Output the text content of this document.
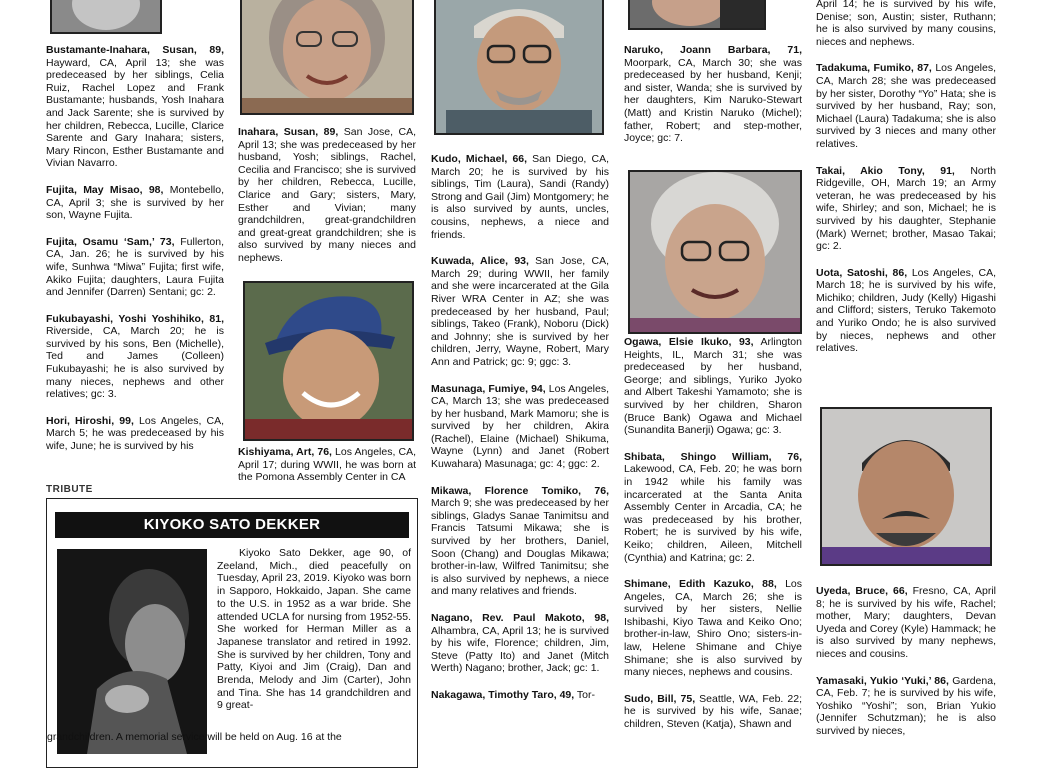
Bustamante-Inahara, Susan, 89, Hayward, CA, April 13; she was predeceased by her siblings, Celia Ruiz, Rachel Lopez and Frank Bustamante; husbands, Yosh Inahara and Jack Sarente; she is survived by her children, Rebecca, Lucille, Clarice Sarente and Gary Inahara; sisters, Mary Rincon, Esther Bustamante and Vivian Navarro.

Fujita, May Misao, 98, Montebello, CA, April 3; she is survived by her son, Wayne Fujita.

Fujita, Osamu ‘Sam,’ 73, Fullerton, CA, Jan. 26; he is survived by his wife, Sunhwa “Miwa” Fujita; first wife, Akiko Fujita; daughters, Laura Fujita and Jennifer (Darren) Sentani; gc: 2.

Fukubayashi, Yoshi Yoshihiko, 81, Riverside, CA, March 20; he is survived by his sons, Ben (Michelle), Ted and James (Colleen) Fukubayashi; he is also survived by many nieces, nephews and other relatives; gc: 3.

Hori, Hiroshi, 99, Los Angeles, CA, March 5; he was predeceased by his wife, June; he is survived by his

Inahara, Susan, 89, San Jose, CA, April 13; she was predeceased by her husband, Yosh; siblings, Rachel, Cecilia and Francisco; she is survived by her children, Rebecca, Lucille, Clarice and Gary; sisters, Mary, Esther and Vivian; many grandchildren, great-grandchildren and great-great grandchildren; she is also survived by many nieces and nephews.

Kishiyama, Art, 76, Los Angeles, CA, April 17; during WWII, he was born at the Pomona Assembly Center in CA

Kudo, Michael, 66, San Diego, CA, March 20; he is survived by his siblings, Tim (Laura), Sandi (Randy) Strong and Gail (Jim) Montgomery; he is also survived by aunts, uncles, cousins, nephews, a niece and friends.

Kuwada, Alice, 93, San Jose, CA, March 29; during WWII, her family and she were incarcerated at the Gila River WRA Center in AZ; she was predeceased by her husband, Paul; siblings, Takeo (Frank), Noboru (Dick) and Johnny; she is survived by her children, Jerry, Wayne, Robert, Mary Ann and Patrick; gc: 9; ggc: 3.

Masunaga, Fumiye, 94, Los Angeles, CA, March 13; she was predeceased by her husband, Mark Mamoru; she is survived by her children, Akira (Rachel), Elaine (Michael) Shikuma, Wayne (Lynn) and Janet (Robert Kuwahara) Masunaga; gc: 4; ggc: 2.

Mikawa, Florence Tomiko, 76, March 9; she was predeceased by her siblings, Gladys Sanae Tanimitsu and Francis Tatsumi Mikawa; she is survived by her brothers, Daniel, Soon (Chang) and Douglas Mikawa; brother-in-law, Wilfred Tanimitsu; she is also survived by nephews, a niece and many relatives and friends.

Nagano, Rev. Paul Makoto, 98, Alhambra, CA, April 13; he is survived by his wife, Florence; children, Jim, Steve (Patty Ito) and Janet (Mitch Werth) Nagano; brother, Jack; gc: 1.

Nakagawa, Timothy Taro, 49, Tor-

Naruko, Joann Barbara, 71, Moorpark, CA, March 30; she was predeceased by her husband, Kenji; and sister, Wanda; she is survived by her daughters, Kim Naruko-Stewart (Matt) and Kristin Naruko (Michel); father, Robert; and step-mother, Joyce; gc: 7.

Ogawa, Elsie Ikuko, 93, Arlington Heights, IL, March 31; she was predeceased by her husband, George; and siblings, Yuriko Jyoko and Albert Takeshi Yamamoto; she is survived by her children, Sharon (Bruce Bank) Ogawa and Michael (Sunandita Banerji) Ogawa; gc: 3.

Shibata, Shingo William, 76, Lakewood, CA, Feb. 20; he was born in 1942 while his family was incarcerated at the Santa Anita Assembly Center in Arcadia, CA; he was predeceased by his brother, Robert; he is survived by his wife, Keiko; children, Aileen, Mitchell (Cynthia) and Katrina; gc: 2.

Shimane, Edith Kazuko, 88, Los Angeles, CA, March 26; she is survived by her sisters, Nellie Ishibashi, Kiyo Tawa and Keiko Ono; brother-in-law, Shiro Ono; sisters-in-law, Helene Shimane and Chiye Shimane; she is also survived by many nieces, nephews and cousins.

Sudo, Bill, 75, Seattle, WA, Feb. 22; he is survived by his wife, Sanae; children, Steven (Katja), Shawn and

April 14; he is survived by his wife, Denise; son, Austin; sister, Ruthann; he is also survived by many cousins, nieces and nephews.

Tadakuma, Fumiko, 87, Los Angeles, CA, March 28; she was predeceased by her sister, Dorothy “Yo” Hata; she is survived by her husband, Ray; son, Michael (Laura) Tadakuma; she is also survived by 3 nieces and many other relatives.

Takai, Akio Tony, 91, North Ridgeville, OH, March 19; an Army veteran, he was predeceased by his wife, Shirley; and son, Michael; he is survived by his daughter, Stephanie (Mark) Wernet; brother, Masao Takai; gc: 2.

Uota, Satoshi, 86, Los Angeles, CA, March 18; he is survived by his wife, Michiko; children, Judy (Kelly) Higashi and Clifford; sisters, Teruko Takemoto and Yuriko Ondo; he is also survived by nieces, nephews and other relatives.

Uyeda, Bruce, 66, Fresno, CA, April 8; he is survived by his wife, Rachel; mother, Mary; daughters, Devan Uyeda and Corey (Kyle) Hammack; he is also survived by many nephews, nieces and cousins.

Yamasaki, Yukio ‘Yuki,’ 86, Gardena, CA, Feb. 7; he is survived by his wife, Yoshiko “Yoshi”; son, Brian Yukio (Jennifer Schutzman); he is also survived by nieces,

TRIBUTE
KIYOKO SATO DEKKER
Kiyoko Sato Dekker, age 90, of Zeeland, Mich., died peacefully on Tuesday, April 23, 2019. Kiyoko was born in Sapporo, Hokkaido, Japan. She came to the U.S. in 1952 as a war bride. She attended UCLA for nursing from 1952-55. She worked for Herman Miller as a Japanese translator and retired in 1992. She is survived by her children, Tony and Patty, Kiyoi and Jim (Craig), Dan and Brenda, Melody and Jim (Carter), John and Tina. She has 14 grandchildren and 9 great-
grandchildren. A memorial service will be held on Aug. 16 at the
